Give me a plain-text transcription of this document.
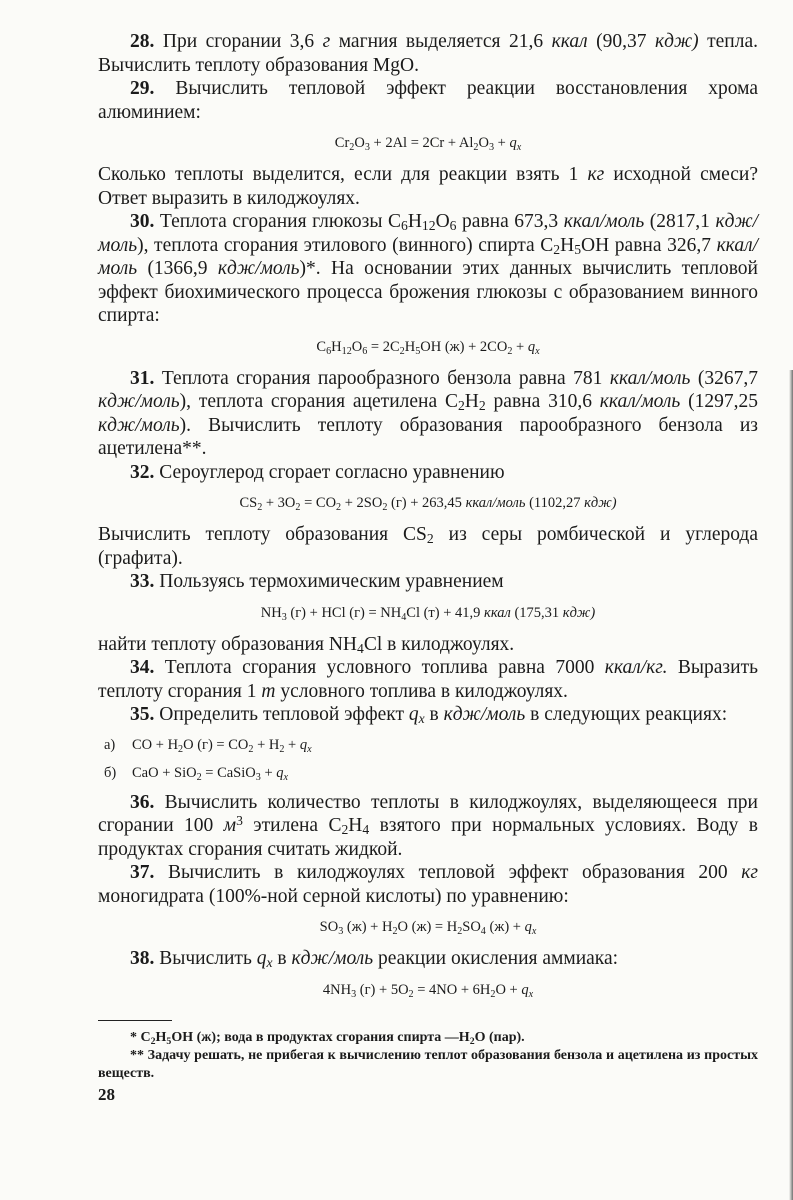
28. При сгорании 3,6 г магния выделяется 21,6 ккал (90,37 кдж) тепла. Вычислить теплоту образования MgO.

29. Вычислить тепловой эффект реакции восстановления хрома алюминием:

$Cr_2O_3 + 2Al = 2Cr + Al_2O_3 + q_x$

Сколько теплоты выделится, если для реакции взять 1 кг исходной смеси? Ответ выразить в килоджоулях.

30. Теплота сгорания глюкозы $C_6H_{12}O_6$ равна 673,3 ккал/моль (2817,1 кдж/моль), теплота сгорания этилового (винного) спирта $C_2H_5OH$ равна 326,7 ккал/моль (1366,9 кдж/моль)*. На основании этих данных вычислить тепловой эффект биохимического процесса брожения глюкозы с образованием винного спирта:

$C_6H_{12}O_6 = 2C_2H_5OH$ $(ж) + 2CO_2 + q_x$

31. Теплота сгорания парообразного бензола равна 781 ккал/моль (3267,7 кдж/моль), теплота сгорания ацетилена $C_2H_2$ равна 310,6 ккал/моль (1297,25 кдж/моль). Вычислить теплоту образования парообразного бензола из ацетилена**.

32. Сероуглерод сгорает согласно уравнению

$CS_2 + 3O_2 = CO_2 + 2SO_2$ (г) + 263,45 ккал/моль (1102,27 кдж)

Вычислить теплоту образования $CS_2$ из серы ромбической и углерода (графита).

33. Пользуясь термохимическим уравнением

$NH_3$ (г) + HCl $(г) = NH_4Cl$ (т) + 41,9 ккал (175,31 кдж)

найти теплоту образования $NH_4Cl$ в килоджоулях.

34. Теплота сгорания условного топлива равна 7000 ккал/кг. Выразить теплоту сгорания 1 т условного топлива в килоджоулях.

35. Определить тепловой эффект $q_x$ в кдж/моль в следующих реакциях:

а) CO + $H_2O$ $(г) = CO_2 + H_2 + q_x$
б) CaO + SiO$_2$ = CaSiO$_3$ + $q_x$

36. Вычислить количество теплоты в килоджоулях, выделяющееся при сгорании 100 $м^3$ этилена $C_2H_4$ взятого при нормальных условиях. Воду в продуктах сгорания считать жидкой.

37. Вычислить в килоджоулях тепловой эффект образования 200 кг моногидрата (100%-ной серной кислоты) по уравнению:

$SO_3$ $(ж) + H_2O$ $(ж) = H_2SO_4$ $(ж) + q_x$

38. Вычислить $q_x$ в кдж/моль реакции окисления аммиака:

$4NH_3$ $(г) + 5O_2 = 4NO + 6H_2O + q_x$

* $C_2H_5OH$ (ж); вода в продуктах сгорания спирта $—H_2O$ (пар).

** Задачу решать, не прибегая к вычислению теплот образования бензола и ацетилена из простых веществ.

28
